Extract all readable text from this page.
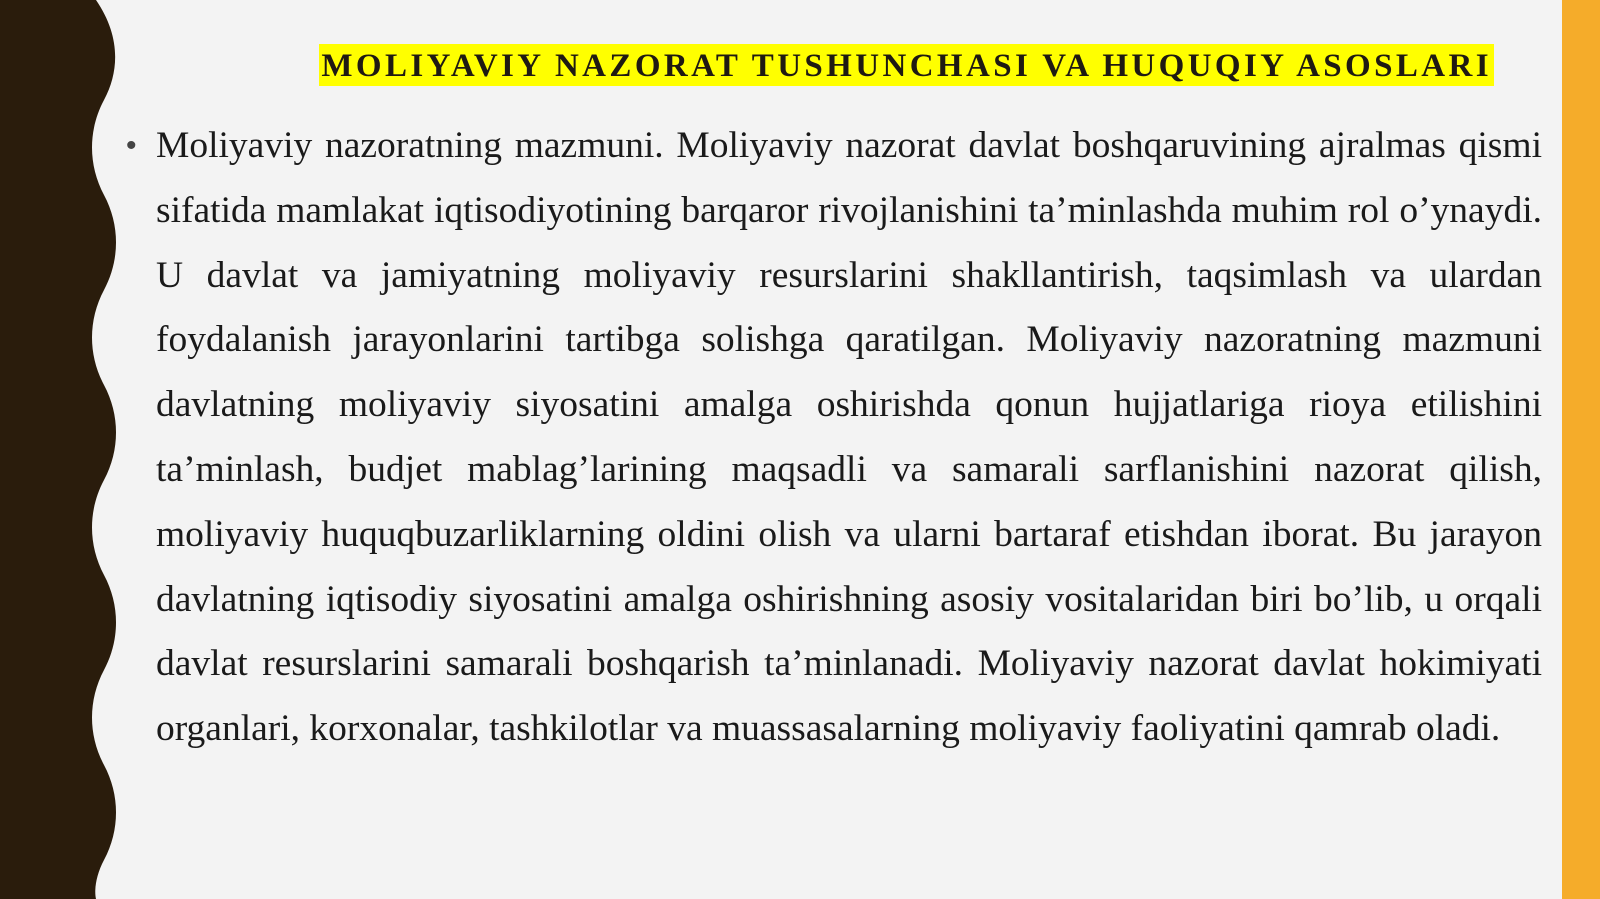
MOLIYAVIY NAZORAT TUSHUNCHASI VA HUQUQIY ASOSLARI
• Moliyaviy nazoratning mazmuni. Moliyaviy nazorat davlat boshqaruvining ajralmas qismi sifatida mamlakat iqtisodiyotining barqaror rivojlanishini ta’minlashda muhim rol o’ynaydi. U davlat va jamiyatning moliyaviy resurslarini shakllantirish, taqsimlash va ulardan foydalanish jarayonlarini tartibga solishga qaratilgan. Moliyaviy nazoratning mazmuni davlatning moliyaviy siyosatini amalga oshirishda qonun hujjatlariga rioya etilishini ta’minlash, budjet mablag’larining maqsadli va samarali sarflanishini nazorat qilish, moliyaviy huquqbuzarliklarning oldini olish va ularni bartaraf etishdan iborat. Bu jarayon davlatning iqtisodiy siyosatini amalga oshirishning asosiy vositalaridan biri bo’lib, u orqali davlat resurslarini samarali boshqarish ta’minlanadi. Moliyaviy nazorat davlat hokimiyati organlari, korxonalar, tashkilotlar va muassasalarning moliyaviy faoliyatini qamrab oladi.
